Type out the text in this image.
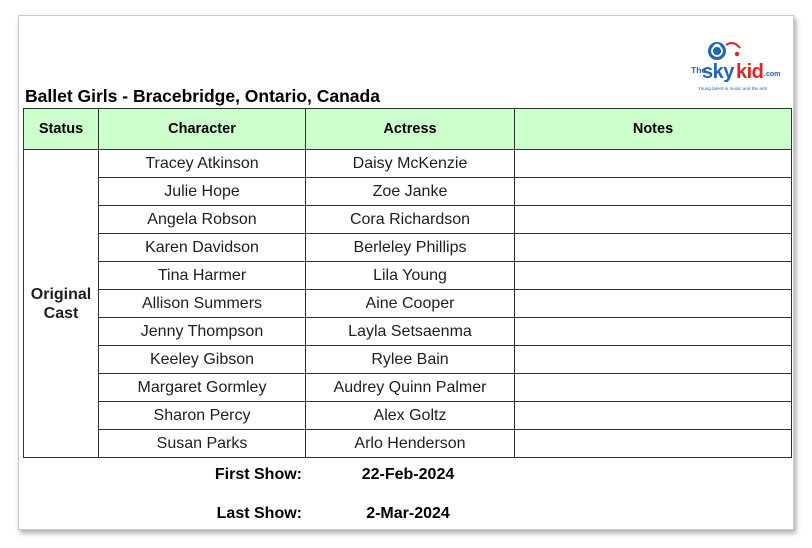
The
sky kid .com
Young talent in music and the arts
Ballet Girls - Bracebridge, Ontario, Canada
Status	Character	Actress	Notes
Original
Cast	Tracey Atkinson	Daisy McKenzie	
	Julie Hope	Zoe Janke	
	Angela Robson	Cora Richardson	
	Karen Davidson	Berleley Phillips	
	Tina Harmer	Lila Young	
	Allison Summers	Aine Cooper	
	Jenny Thompson	Layla Setsaenma	
	Keeley Gibson	Rylee Bain	
	Margaret Gormley	Audrey Quinn Palmer	
	Sharon Percy	Alex Goltz	
	Susan Parks	Arlo Henderson	
First Show:	22-Feb-2024
Last Show:	2-Mar-2024
